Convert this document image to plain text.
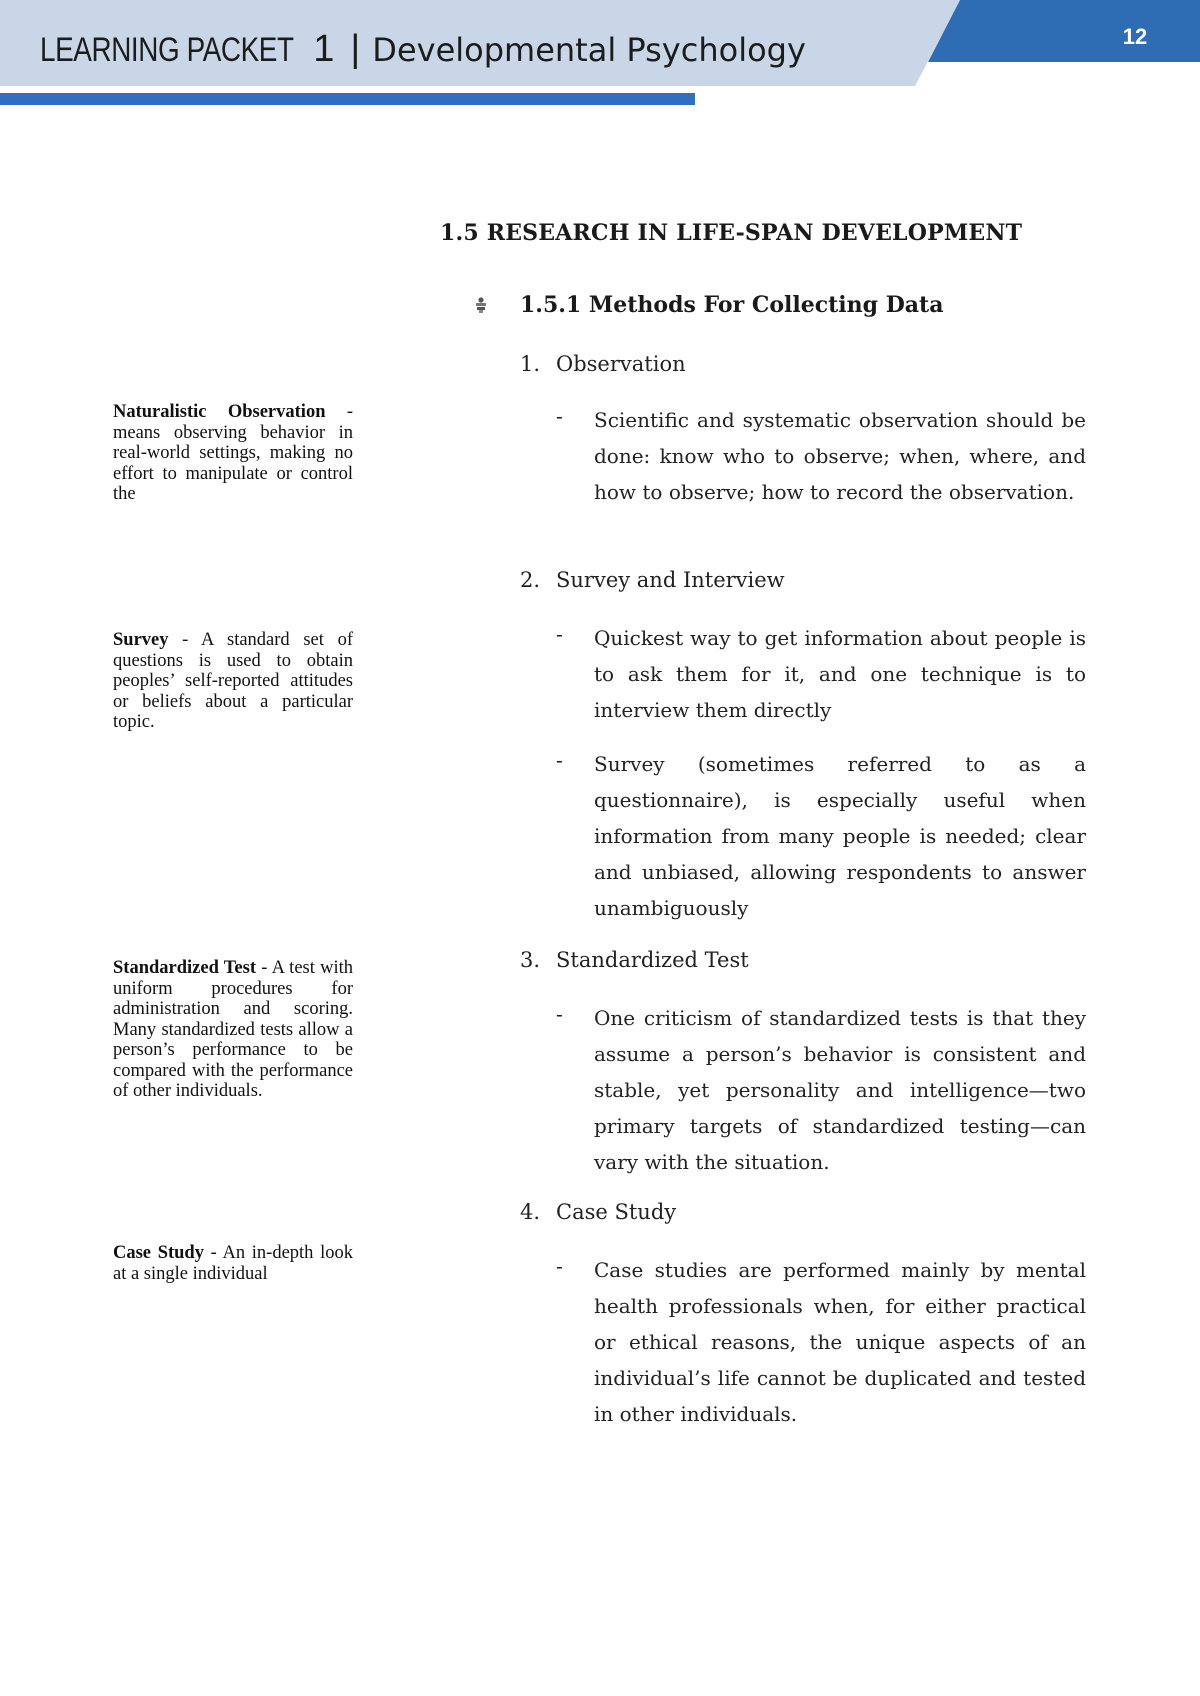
LEARNING PACKET 1 | Developmental Psychology	12
1.5 RESEARCH IN LIFE-SPAN DEVELOPMENT
1.5.1 Methods For Collecting Data
1. Observation
- Scientific and systematic observation should be done: know who to observe; when, where, and how to observe; how to record the observation.
2. Survey and Interview
- Quickest way to get information about people is to ask them for it, and one technique is to interview them directly
- Survey (sometimes referred to as a questionnaire), is especially useful when information from many people is needed; clear and unbiased, allowing respondents to answer unambiguously
3. Standardized Test
- One criticism of standardized tests is that they assume a person’s behavior is consistent and stable, yet personality and intelligence—two primary targets of standardized testing—can vary with the situation.
4. Case Study
- Case studies are performed mainly by mental health professionals when, for either practical or ethical reasons, the unique aspects of an individual’s life cannot be duplicated and tested in other individuals.
Naturalistic Observation - means observing behavior in real-world settings, making no effort to manipulate or control the
Survey - A standard set of questions is used to obtain peoples’ self-reported attitudes or beliefs about a particular topic.
Standardized Test - A test with uniform procedures for administration and scoring. Many standardized tests allow a person’s performance to be compared with the performance of other individuals.
Case Study - An in-depth look at a single individual
